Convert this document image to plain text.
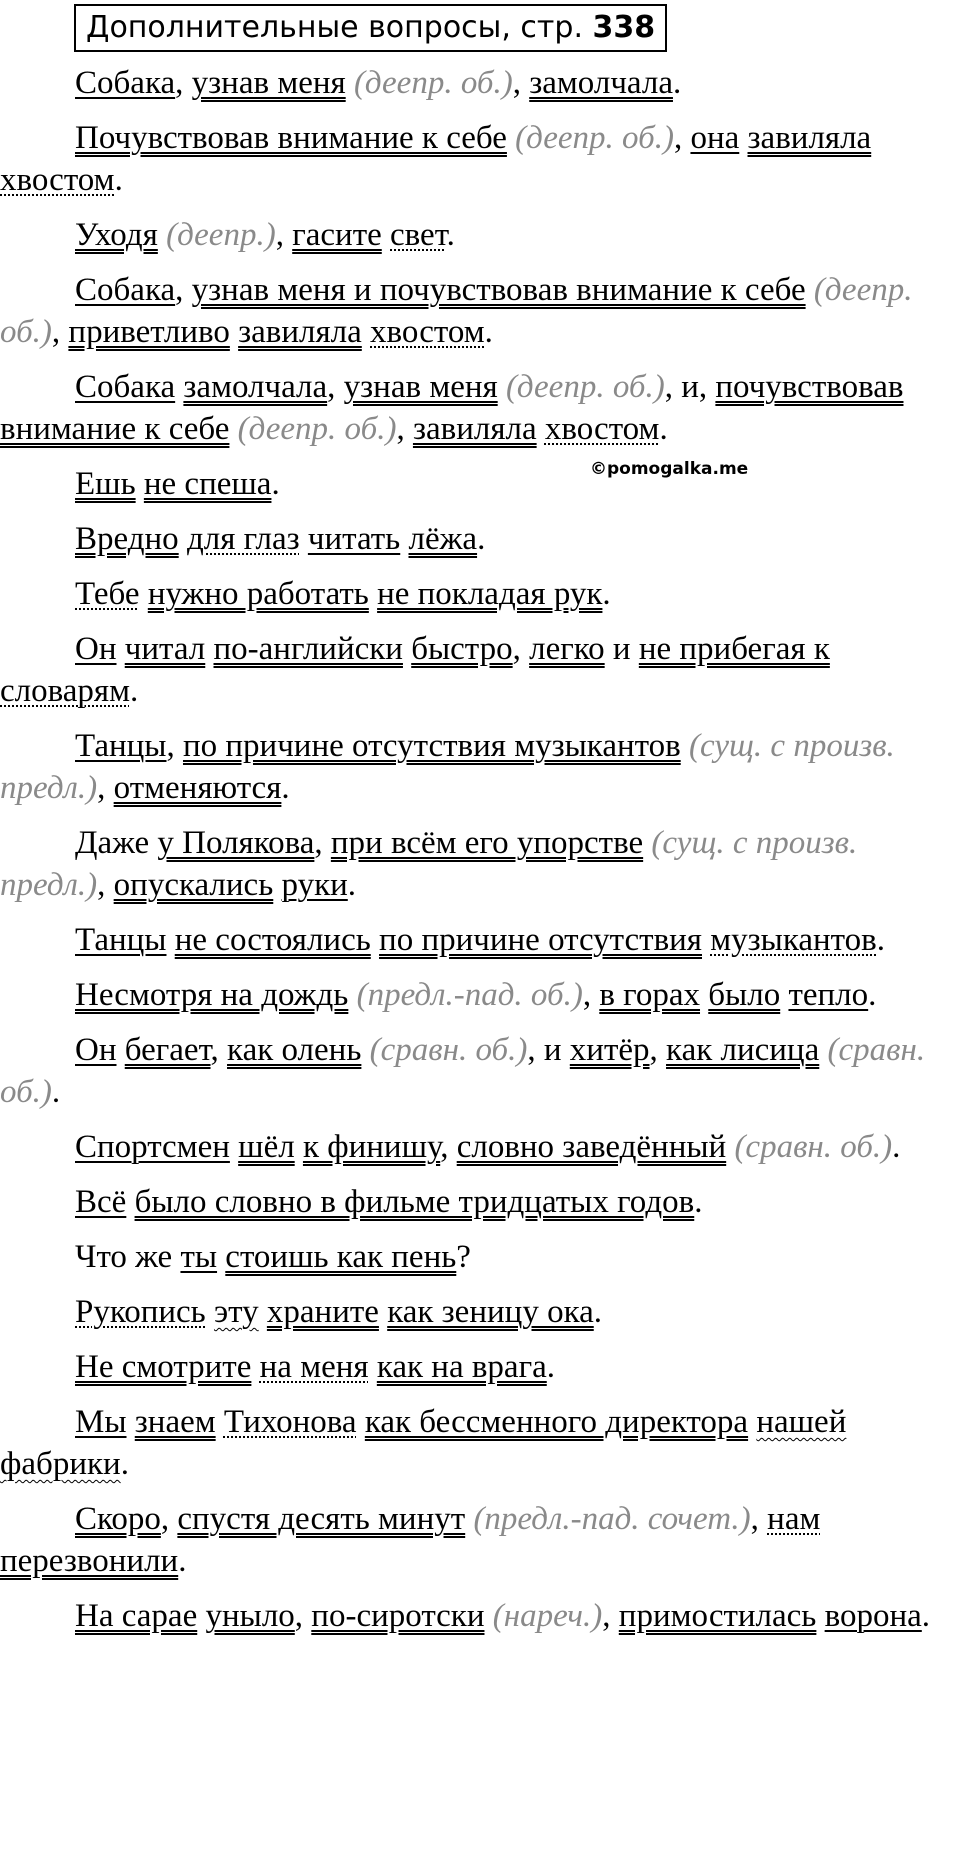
Дополнительные вопросы, стр. 338
Собака, узнав меня (деепр. об.), замолчала.
Почувствовав внимание к себе (деепр. об.), она завиляла хвостом.
Уходя (деепр.), гасите свет.
Собака, узнав меня и почувствовав внимание к себе (деепр. об.), приветливо завиляла хвостом.
Собака замолчала, узнав меня (деепр. об.), и, почувствовав внимание к себе (деепр. об.), завиляла хвостом.
Ешь не спеша.
Вредно для глаз читать лёжа.
Тебе нужно работать не покладая рук.
Он читал по-английски быстро, легко и не прибегая к словарям.
Танцы, по причине отсутствия музыкантов (сущ. с произв. предл.), отменяются.
Даже у Полякова, при всём его упорстве (сущ. с произв. предл.), опускались руки.
Танцы не состоялись по причине отсутствия музыкантов.
Несмотря на дождь (предл.-пад. об.), в горах было тепло.
Он бегает, как олень (сравн. об.), и хитёр, как лисица (сравн. об.).
Спортсмен шёл к финишу, словно заведённый (сравн. об.).
Всё было словно в фильме тридцатых годов.
Что же ты стоишь как пень?
Рукопись эту храните как зеницу ока.
Не смотрите на меня как на врага.
Мы знаем Тихонова как бессменного директора нашей фабрики.
Скоро, спустя десять минут (предл.-пад. сочет.), нам перезвонили.
На сарае уныло, по-сиротски (нареч.), примостилась ворона.
©pomogalka.me
